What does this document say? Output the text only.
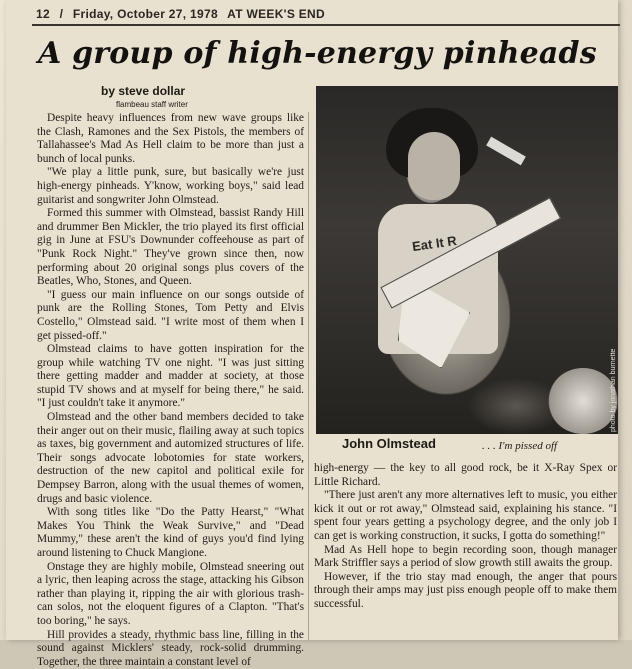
12 / Friday, October 27, 1978 AT WEEK'S END
A group of high-energy pinheads
by steve dollar
flambeau staff writer

Despite heavy influences from new wave groups like the Clash, Ramones and the Sex Pistols, the members of Tallahassee's Mad As Hell claim to be more than just a bunch of local punks.

"We play a little punk, sure, but basically we're just high-energy pinheads. Y'know, working boys," said lead guitarist and songwriter John Olmstead.

Formed this summer with Olmstead, bassist Randy Hill and drummer Ben Mickler, the trio played its first official gig in June at FSU's Downunder coffeehouse as part of "Punk Rock Night." They've grown since then, now performing about 20 original songs plus covers of the Beatles, Who, Stones, and Queen.

"I guess our main influence on our songs outside of punk are the Rolling Stones, Tom Petty and Elvis Costello," Olmstead said. "I write most of them when I get pissed-off."

Olmstead claims to have gotten inspiration for the group while watching TV one night. "I was just sitting there getting madder and madder at society, at those stupid TV shows and at myself for being there," he said. "I just couldn't take it anymore."

Olmstead and the other band members decided to take their anger out on their music, flailing away at such topics as taxes, big government and automized structures of life. Their songs advocate lobotomies for state workers, destruction of the new capitol and political exile for Dempsey Barron, along with the usual themes of women, drugs and basic violence.

With song titles like "Do the Patty Hearst," "What Makes You Think the Weak Survive," and "Dead Mummy," these aren't the kind of guys you'd find lying around listening to Chuck Mangione.

Onstage they are highly mobile, Olmstead sneering out a lyric, then leaping across the stage, attacking his Gibson rather than playing it, ripping the air with glorious trash-can solos, not the eloquent figures of a Clapton. "That's too boring," he says.

Hill provides a steady, rhythmic bass line, filling in the sound against Micklers' steady, rock-solid drumming. Together, the three maintain a constant level of

Eat It R
photo by jonathan burnette
John Olmstead	. . . I'm pissed off

high-energy — the key to all good rock, be it X-Ray Spex or Little Richard.

"There just aren't any more alternatives left to music, you either kick it out or rot away," Olmstead said, explaining his stance. "I spent four years getting a psychology degree, and the only job I can get is working construction, it sucks, I gotta do something!"

Mad As Hell hope to begin recording soon, though manager Mark Striffler says a period of slow growth still awaits the group.

However, if the trio stay mad enough, the anger that pours through their amps may just piss enough people off to make them successful.
